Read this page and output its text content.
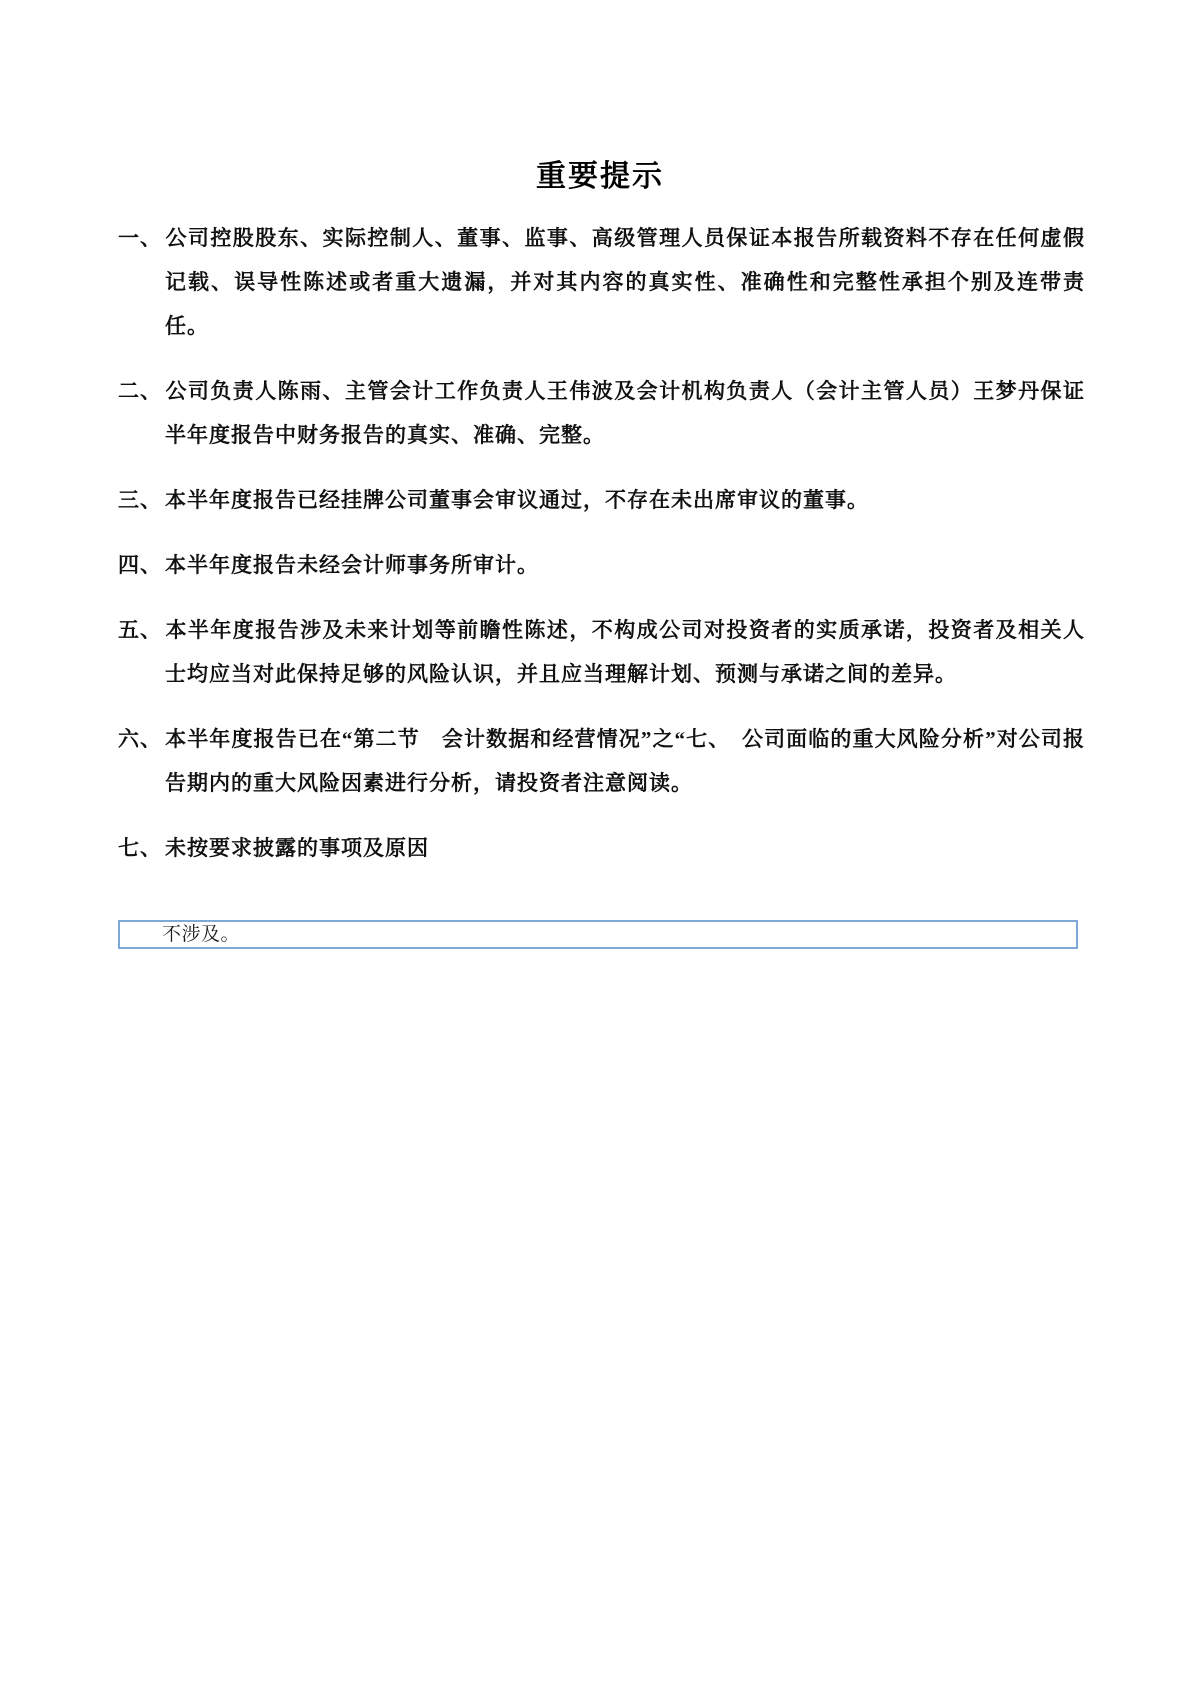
重要提示

一、 公司控股股东、实际控制人、董事、监事、高级管理人员保证本报告所载资料不存在任何虚假记载、误导性陈述或者重大遗漏，并对其内容的真实性、准确性和完整性承担个别及连带责任。

二、 公司负责人陈雨、主管会计工作负责人王伟波及会计机构负责人（会计主管人员）王梦丹保证半年度报告中财务报告的真实、准确、完整。

三、 本半年度报告已经挂牌公司董事会审议通过，不存在未出席审议的董事。

四、 本半年度报告未经会计师事务所审计。

五、 本半年度报告涉及未来计划等前瞻性陈述，不构成公司对投资者的实质承诺，投资者及相关人士均应当对此保持足够的风险认识，并且应当理解计划、预测与承诺之间的差异。

六、 本半年度报告已在“第二节　会计数据和经营情况”之“七、　公司面临的重大风险分析”对公司报告期内的重大风险因素进行分析，请投资者注意阅读。

七、 未按要求披露的事项及原因

不涉及。
